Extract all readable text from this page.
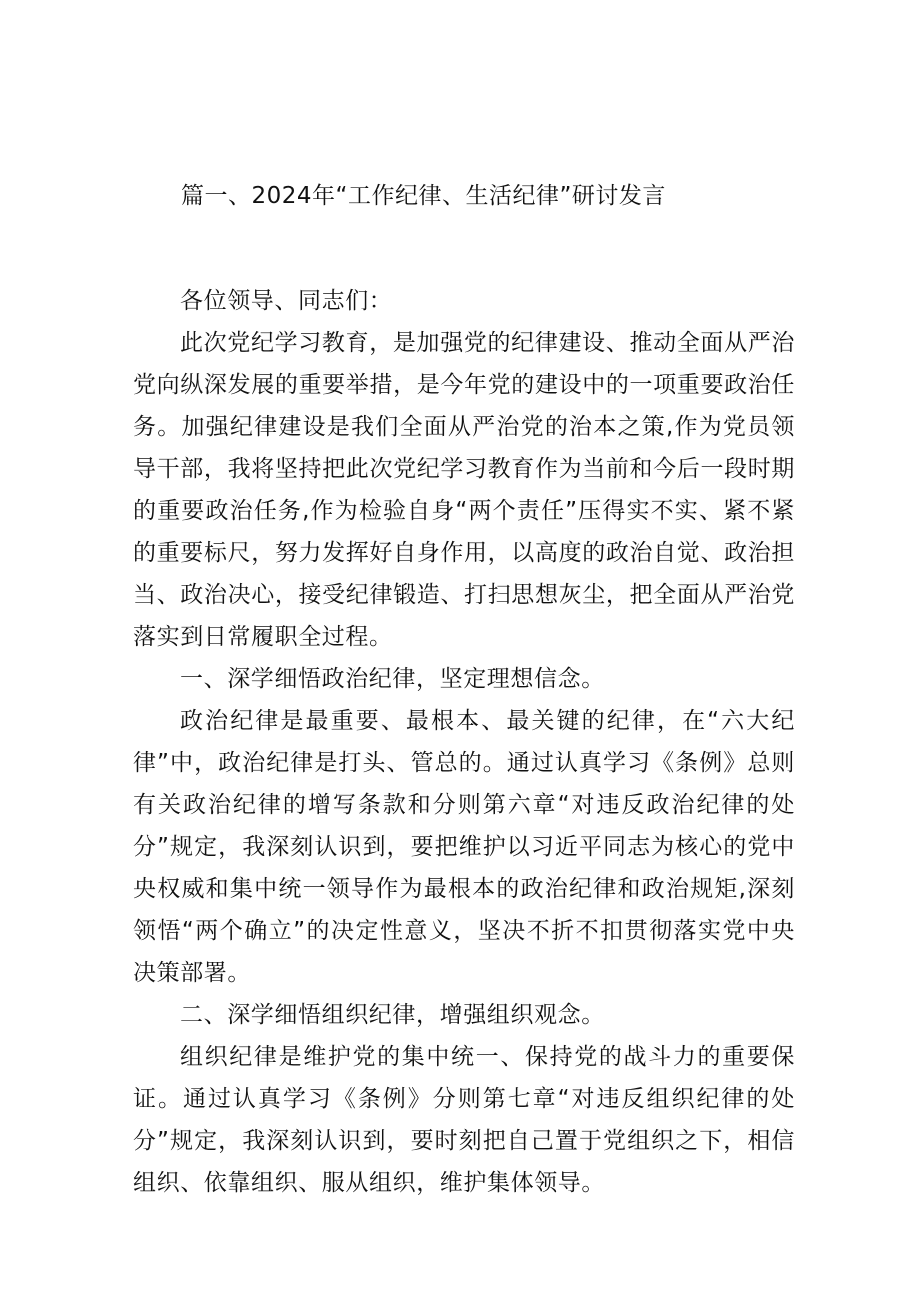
篇一、2024年“工作纪律、生活纪律”研讨发言

各位领导、同志们：

此次党纪学习教育，是加强党的纪律建设、推动全面从严治党向纵深发展的重要举措，是今年党的建设中的一项重要政治任务。加强纪律建设是我们全面从严治党的治本之策,作为党员领导干部，我将坚持把此次党纪学习教育作为当前和今后一段时期的重要政治任务,作为检验自身“两个责任”压得实不实、紧不紧的重要标尺，努力发挥好自身作用，以高度的政治自觉、政治担当、政治决心，接受纪律锻造、打扫思想灰尘，把全面从严治党落实到日常履职全过程。

一、深学细悟政治纪律，坚定理想信念。

政治纪律是最重要、最根本、最关键的纪律，在“六大纪律”中，政治纪律是打头、管总的。通过认真学习《条例》总则有关政治纪律的增写条款和分则第六章“对违反政治纪律的处分”规定，我深刻认识到，要把维护以习近平同志为核心的党中央权威和集中统一领导作为最根本的政治纪律和政治规矩,深刻领悟“两个确立”的决定性意义，坚决不折不扣贯彻落实党中央决策部署。

二、深学细悟组织纪律，增强组织观念。

组织纪律是维护党的集中统一、保持党的战斗力的重要保证。通过认真学习《条例》分则第七章“对违反组织纪律的处分”规定，我深刻认识到，要时刻把自己置于党组织之下，相信组织、依靠组织、服从组织，维护集体领导。
